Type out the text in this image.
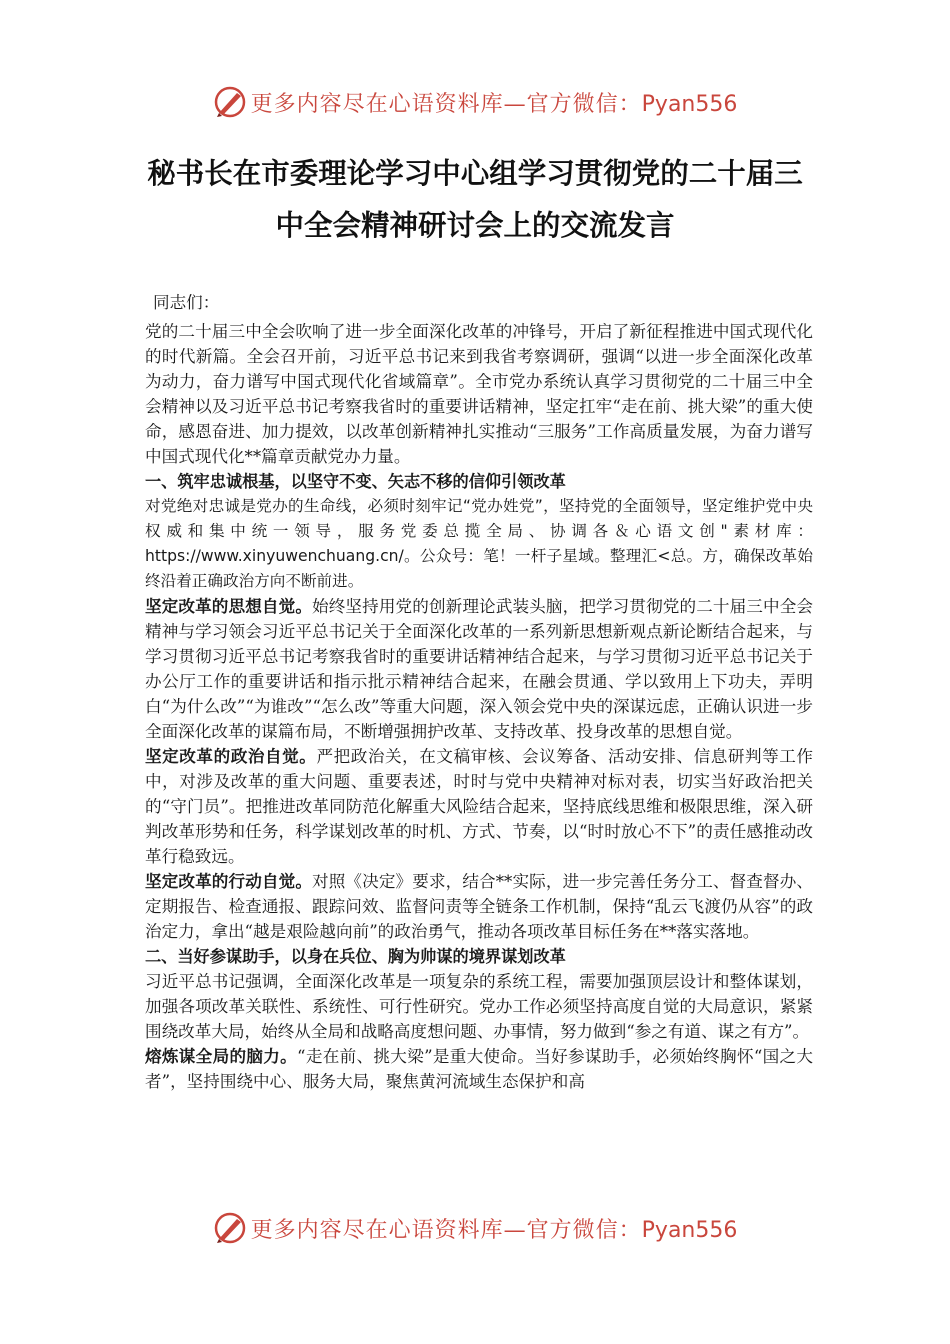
更多内容尽在心语资料库—官方微信：Pyan556
秘书长在市委理论学习中心组学习贯彻党的二十届三
中全会精神研讨会上的交流发言

同志们：

党的二十届三中全会吹响了进一步全面深化改革的冲锋号，开启了新征程推进中国式现代化的时代新篇。全会召开前，习近平总书记来到我省考察调研，强调“以进一步全面深化改革为动力，奋力谱写中国式现代化省域篇章”。全市党办系统认真学习贯彻党的二十届三中全会精神以及习近平总书记考察我省时的重要讲话精神，坚定扛牢“走在前、挑大梁”的重大使命，感恩奋进、加力提效，以改革创新精神扎实推动“三服务”工作高质量发展，为奋力谱写中国式现代化**篇章贡献党办力量。

一、筑牢忠诚根基，以坚守不变、矢志不移的信仰引领改革

对党绝对忠诚是党办的生命线，必须时刻牢记“党办姓党”，坚持党的全面领导，坚定维护党中央权威和集中统一领导，服务党委总揽全局、协调各＆心语文创"素材库：https://www.xinyuwenchuang.cn/。公众号：笔！一杆子星域。整理汇<总。方，确保改革始终沿着正确政治方向不断前进。

坚定改革的思想自觉。始终坚持用党的创新理论武装头脑，把学习贯彻党的二十届三中全会精神与学习领会习近平总书记关于全面深化改革的一系列新思想新观点新论断结合起来，与学习贯彻习近平总书记考察我省时的重要讲话精神结合起来，与学习贯彻习近平总书记关于办公厅工作的重要讲话和指示批示精神结合起来，在融会贯通、学以致用上下功夫，弄明白“为什么改”“为谁改”“怎么改”等重大问题，深入领会党中央的深谋远虑，正确认识进一步全面深化改革的谋篇布局，不断增强拥护改革、支持改革、投身改革的思想自觉。

坚定改革的政治自觉。严把政治关，在文稿审核、会议筹备、活动安排、信息研判等工作中，对涉及改革的重大问题、重要表述，时时与党中央精神对标对表，切实当好政治把关的“守门员”。把推进改革同防范化解重大风险结合起来，坚持底线思维和极限思维，深入研判改革形势和任务，科学谋划改革的时机、方式、节奏，以“时时放心不下”的责任感推动改革行稳致远。

坚定改革的行动自觉。对照《决定》要求，结合**实际，进一步完善任务分工、督查督办、定期报告、检查通报、跟踪问效、监督问责等全链条工作机制，保持“乱云飞渡仍从容”的政治定力，拿出“越是艰险越向前”的政治勇气，推动各项改革目标任务在**落实落地。

二、当好参谋助手，以身在兵位、胸为帅谋的境界谋划改革

习近平总书记强调，全面深化改革是一项复杂的系统工程，需要加强顶层设计和整体谋划，加强各项改革关联性、系统性、可行性研究。党办工作必须坚持高度自觉的大局意识，紧紧围绕改革大局，始终从全局和战略高度想问题、办事情，努力做到“参之有道、谋之有方”。

熔炼谋全局的脑力。“走在前、挑大梁”是重大使命。当好参谋助手，必须始终胸怀“国之大者”，坚持围绕中心、服务大局，聚焦黄河流域生态保护和高

更多内容尽在心语资料库—官方微信：Pyan556
